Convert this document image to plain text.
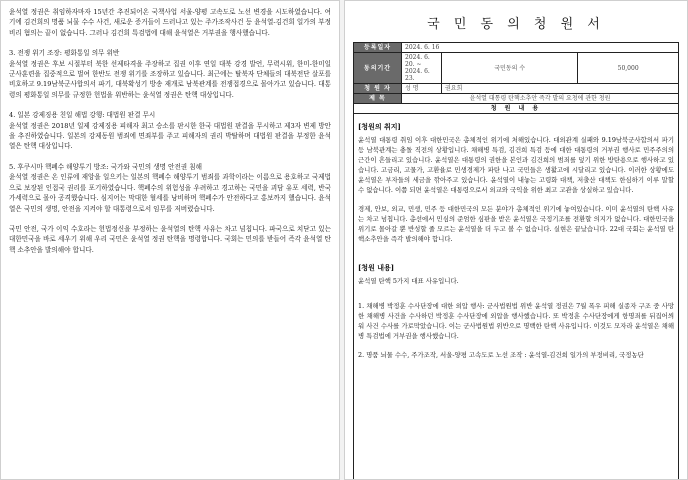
윤석열 정권은 취임하자마자 15년간 추진되어온 국책사업 서울-양평 고속도로 노선 변경을 시도하였습니다. 여기에 김건희의 명품 뇌물 수수 사건, 새로운 증거들이 드러나고 있는 주가조작사건 등 윤석열-김건희 일가의 부정비리 혐의는 끝이 없습니다. 그러나 김건희 특검법에 대해 윤석열은 거부권을 행사했습니다.
3. 전쟁 위기 조장: 평화통일 의무 위반
윤석열 정권은 후보 시절부터 북한 선제타격을 주장하고 집권 이후 연일 대북 강경 발언, 무력시위, 한미-한미일 군사훈련을 집중적으로 벌여 한반도 전쟁 위기를 조장하고 있습니다. 최근에는 탈북자 단체들의 대북전단 살포를 비호하고 9.19남북군사합의서 파기, 대북확성기 방송 재개로 남북관계를 전쟁접경으로 몰아가고 있습니다. 대통령의 평화통일 의무를 규정한 헌법을 위반하는 윤석열 정권은 탄핵 대상입니다.
4. 일본 강제징용 친일 해법 강행: 대법원 판결 무시
윤석열 정권은 2018년 일제 강제징용 피해자 최고 승소를 판시한 한국 대법원 판결을 무시하고 제3자 변제 방안을 추진하였습니다. 일본의 강제동원 범죄에 면죄부를 주고 피해자의 권리 박탈하며 대법원 판결을 부정한 윤석열은 탄핵 대상입니다.
5. 후쿠시마 핵폐수 해양투기 방조: 국가와 국민의 생명 안전권 침해
윤석열 정권은 온 인류에 재앙을 일으키는 일본의 핵폐수 해양투기 범죄를 과학이라는 이름으로 용호하고 국제법으로 보장된 인접국 권리를 포기하였습니다. 핵폐수의 위험성을 우려하고 경고하는 국민을 괴담 유포 세력, 반국가세력으로 몰아 공격했습니다. 심지어는 막대한 혈세를 낭비하며 핵폐수가 안전하다고 홍보까지 했습니다. 윤석열은 국민의 생명, 안전을 지켜야 할 대통령으로서 임무를 저버렸습니다.
국민 안전, 국가 이익 수호라는 헌법정신을 부정하는 윤석열의 탄핵 사유는 차고 넘칩니다. 파국으로 치닫고 있는 대한민국을 바로 세우기 위해 우리 국민은 윤석열 정권 탄핵을 명령합니다. 국회는 민의를 받들어 즉각 윤석열 탄핵 소추안을 발의해야 합니다.
국 민 동 의 청 원 서
등록일자	2024. 6. 16		
동의기간	2024. 6. 20. ~ 2024. 6. 23.	국민동의 수	50,000
청 원 자	성 명	권요희	
제 목	윤석열 대통령 탄핵소추안 즉각 발의 요청에 관한 청원		
청 원 내 용			
[청원의 취지]
윤석열 대통령 취임 이후 대한민국은 총체적인 위기에 처해있습니다. 대외관계 실패와 9.19남북군사합의서 파기 등 남북관계는 충돌 직전의 상황입니다. 채해병 특검, 김건희 특검 등에 대한 대통령의 거부권 행사로 민주주의의 근간이 흔들리고 있습니다. 윤석열은 대통령의 권한을 본인과 김건희의 범죄를 덮기 위한 방탄용으로 행사하고 있습니다. 고금리, 고물가, 고환율로 민생경제가 파탄 나고 국민들은 생활고에 시달리고 있습니다. 이러한 상황에도 윤석열은 부자들의 세금을 깎아주고 있습니다. 윤석열이 내놓는 고령화 대책, 저출산 대책도 한심하기 이루 말할 수 없습니다. 이쯤 되면 윤석열은 대통령으로서 외교와 국익을 위한 최고 고관을 상실하고 있습니다.
경제, 안보, 외교, 민생, 민주 등 대한민국의 모든 분야가 총체적인 위기에 놓여있습니다. 이미 윤석열의 탄핵 사유는 차고 넘칩니다. 총선에서 민심의 준엄한 심판을 받은 윤석열은 국정기조를 전환할 의지가 없습니다. 대한민국을 위기로 몰아갈 뿐 반성할 줄 모르는 윤석열을 더 두고 볼 수 없습니다. 실현은 끝났습니다. 22대 국회는 윤석열 탄핵소추안을 즉각 발의해야 합니다.
[청원 내용]
윤석열 탄핵 5가지 대표 사유입니다.
1. 채해병 박정훈 수사단장에 대한 외압 행사: 군사법원법 위반 윤석열 정권은 7월 폭우 피해 실종자 구조 중 사망한 채해병 사건을 수사하던 박정훈 수사단장에 외압을 행사했습니다. 또 박정훈 수사단장에게 항명죄를 뒤집어씌워 사건 수사를 가로막았습니다. 이는 군사법원법 위반으로 명백한 탄핵 사유입니다. 이것도 모자라 윤석열은 채해병 특검법에 거부권을 행사했습니다.
2. 명품 뇌물 수수, 주가조작, 서울-양평 고속도로 노선 조작 : 윤석열-김건희 일가의 부정비리, 국정농단
